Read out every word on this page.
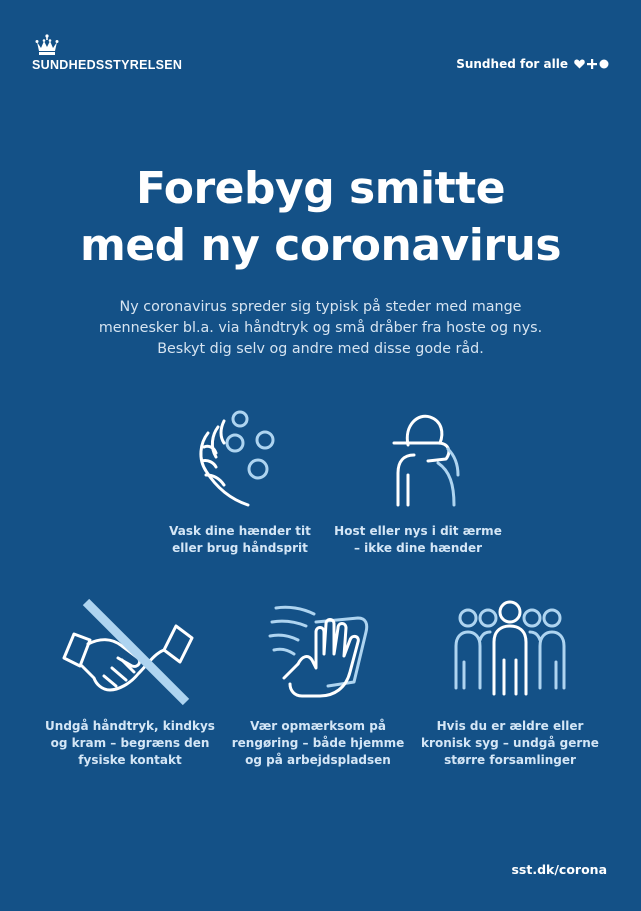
SUNDHEDSSTYRELSEN	Sundhed for alle
Forebyg smitte
med ny coronavirus

Ny coronavirus spreder sig typisk på steder med mange
mennesker bl.a. via håndtryk og små dråber fra hoste og nys.
Beskyt dig selv og andre med disse gode råd.

Vask dine hænder tit
eller brug håndsprit
Host eller nys i dit ærme
– ikke dine hænder
Undgå håndtryk, kindkys
og kram – begræns den
fysiske kontakt
Vær opmærksom på
rengøring – både hjemme
og på arbejdspladsen
Hvis du er ældre eller
kronisk syg – undgå gerne
større forsamlinger
sst.dk/corona
